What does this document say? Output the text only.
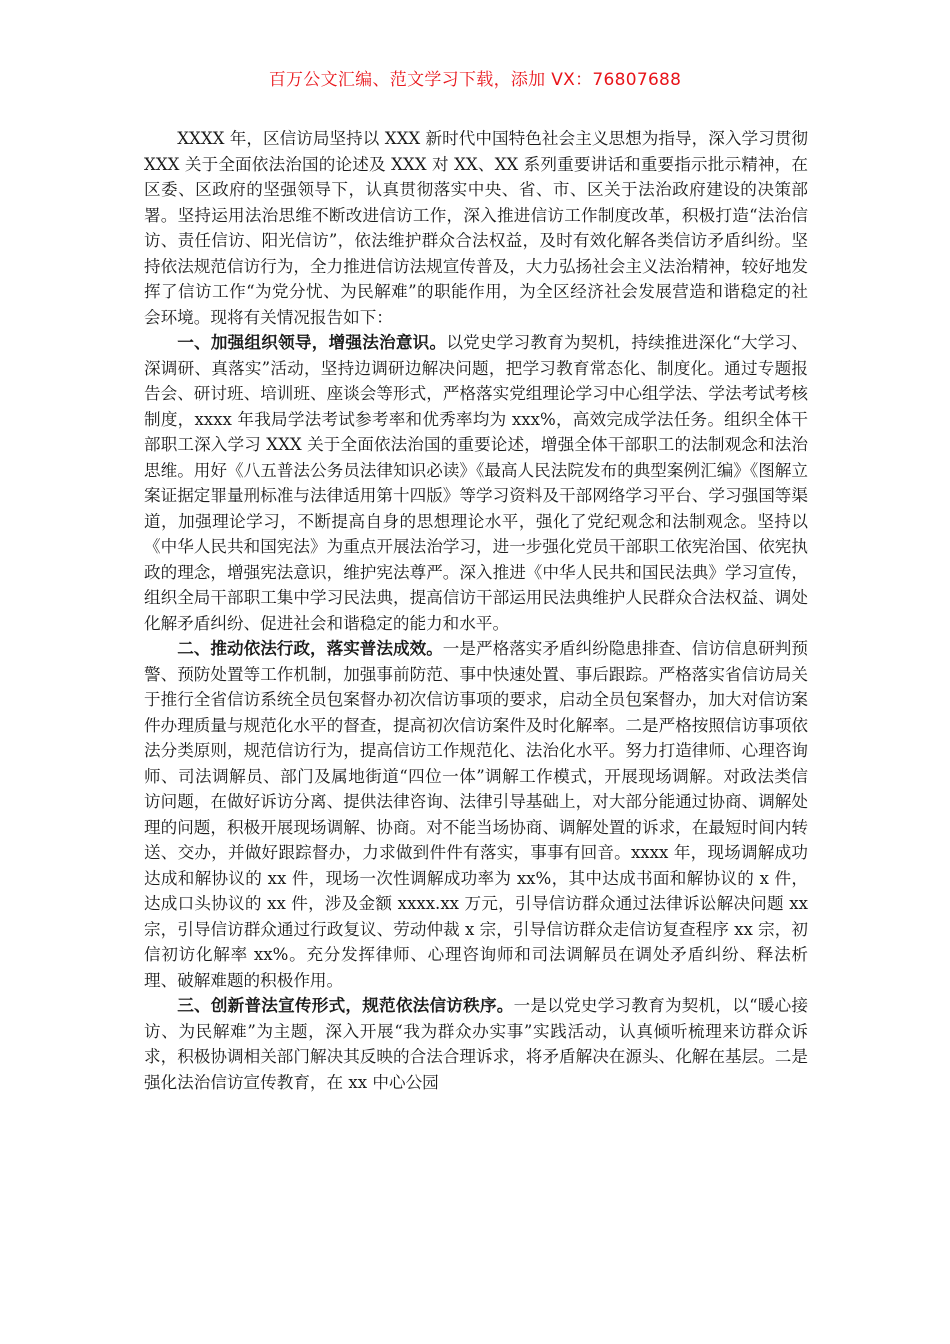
百万公文汇编、范文学习下载，添加 VX：76807688

XXXX 年，区信访局坚持以 XXX 新时代中国特色社会主义思想为指导，深入学习贯彻 XXX 关于全面依法治国的论述及 XXX 对 XX、XX 系列重要讲话和重要指示批示精神，在区委、区政府的坚强领导下，认真贯彻落实中央、省、市、区关于法治政府建设的决策部署。坚持运用法治思维不断改进信访工作，深入推进信访工作制度改革，积极打造“法治信访、责任信访、阳光信访”，依法维护群众合法权益，及时有效化解各类信访矛盾纠纷。坚持依法规范信访行为，全力推进信访法规宣传普及，大力弘扬社会主义法治精神，较好地发挥了信访工作“为党分忧、为民解难”的职能作用，为全区经济社会发展营造和谐稳定的社会环境。现将有关情况报告如下：

一、加强组织领导，增强法治意识。以党史学习教育为契机，持续推进深化“大学习、深调研、真落实”活动，坚持边调研边解决问题，把学习教育常态化、制度化。通过专题报告会、研讨班、培训班、座谈会等形式，严格落实党组理论学习中心组学法、学法考试考核制度，xxxx 年我局学法考试参考率和优秀率均为 xxx%，高效完成学法任务。组织全体干部职工深入学习 XXX 关于全面依法治国的重要论述，增强全体干部职工的法制观念和法治思维。用好《八五普法公务员法律知识必读》《最高人民法院发布的典型案例汇编》《图解立案证据定罪量刑标准与法律适用第十四版》等学习资料及干部网络学习平台、学习强国等渠道，加强理论学习，不断提高自身的思想理论水平，强化了党纪观念和法制观念。坚持以《中华人民共和国宪法》为重点开展法治学习，进一步强化党员干部职工依宪治国、依宪执政的理念，增强宪法意识，维护宪法尊严。深入推进《中华人民共和国民法典》学习宣传，组织全局干部职工集中学习民法典，提高信访干部运用民法典维护人民群众合法权益、调处化解矛盾纠纷、促进社会和谐稳定的能力和水平。

二、推动依法行政，落实普法成效。一是严格落实矛盾纠纷隐患排查、信访信息研判预警、预防处置等工作机制，加强事前防范、事中快速处置、事后跟踪。严格落实省信访局关于推行全省信访系统全员包案督办初次信访事项的要求，启动全员包案督办，加大对信访案件办理质量与规范化水平的督查，提高初次信访案件及时化解率。二是严格按照信访事项依法分类原则，规范信访行为，提高信访工作规范化、法治化水平。努力打造律师、心理咨询师、司法调解员、部门及属地街道“四位一体”调解工作模式，开展现场调解。对政法类信访问题，在做好诉访分离、提供法律咨询、法律引导基础上，对大部分能通过协商、调解处理的问题，积极开展现场调解、协商。对不能当场协商、调解处置的诉求，在最短时间内转送、交办，并做好跟踪督办，力求做到件件有落实，事事有回音。xxxx 年，现场调解成功达成和解协议的 xx 件，现场一次性调解成功率为 xx%，其中达成书面和解协议的 x 件，达成口头协议的 xx 件，涉及金额 xxxx.xx 万元，引导信访群众通过法律诉讼解决问题 xx 宗，引导信访群众通过行政复议、劳动仲裁 x 宗，引导信访群众走信访复查程序 xx 宗，初信初访化解率 xx%。充分发挥律师、心理咨询师和司法调解员在调处矛盾纠纷、释法析理、破解难题的积极作用。

三、创新普法宣传形式，规范依法信访秩序。一是以党史学习教育为契机，以“暖心接访、为民解难”为主题，深入开展“我为群众办实事”实践活动，认真倾听梳理来访群众诉求，积极协调相关部门解决其反映的合法合理诉求，将矛盾解决在源头、化解在基层。二是强化法治信访宣传教育，在 xx 中心公园
